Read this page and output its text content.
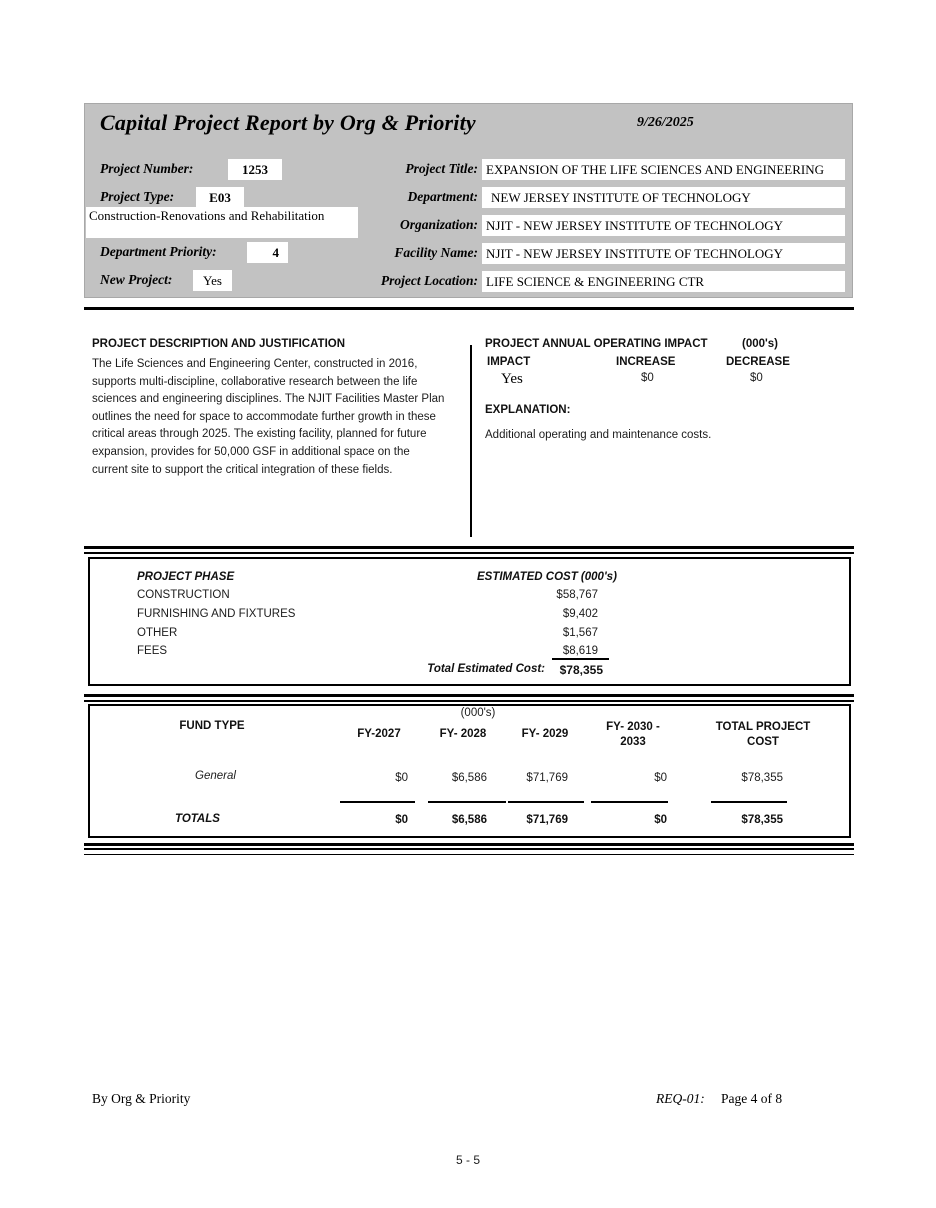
Capital Project Report by Org & Priority	9/26/2025
Project Number:	1253
Project Type:	E03
Construction-Renovations and Rehabilitation
Department Priority:	4
New Project:	Yes
Project Title: EXPANSION OF THE LIFE SCIENCES AND ENGINEERING
Department:	NEW JERSEY INSTITUTE OF TECHNOLOGY
Organization: NJIT - NEW JERSEY INSTITUTE OF TECHNOLOGY
Facility Name: NJIT - NEW JERSEY INSTITUTE OF TECHNOLOGY
Project Location: LIFE SCIENCE & ENGINEERING CTR
PROJECT DESCRIPTION AND JUSTIFICATION
The Life Sciences and Engineering Center, constructed in 2016, supports multi-discipline, collaborative research between the life sciences and engineering disciplines. The NJIT Facilities Master Plan outlines the need for space to accommodate further growth in these critical areas through 2025. The existing facility, planned for future expansion, provides for 50,000 GSF in additional space on the current site to support the critical integration of these fields.
PROJECT ANNUAL OPERATING IMPACT	(000's)
IMPACT	INCREASE	DECREASE
Yes	$0	$0
EXPLANATION:
Additional operating and maintenance costs.
PROJECT PHASE	ESTIMATED COST (000's)
CONSTRUCTION	$58,767
FURNISHING AND FIXTURES	$9,402
OTHER	$1,567
FEES	$8,619
Total Estimated Cost:	$78,355
(000's)
FUND TYPE
FY-2027	FY- 2028	FY- 2029
FY- 2030 -
2033
TOTAL PROJECT
COST
General	$0	$6,586	$71,769	$0	$78,355
TOTALS	$0	$6,586	$71,769	$0	$78,355
By Org & Priority	REQ-01: Page 4 of 8
5 - 5
